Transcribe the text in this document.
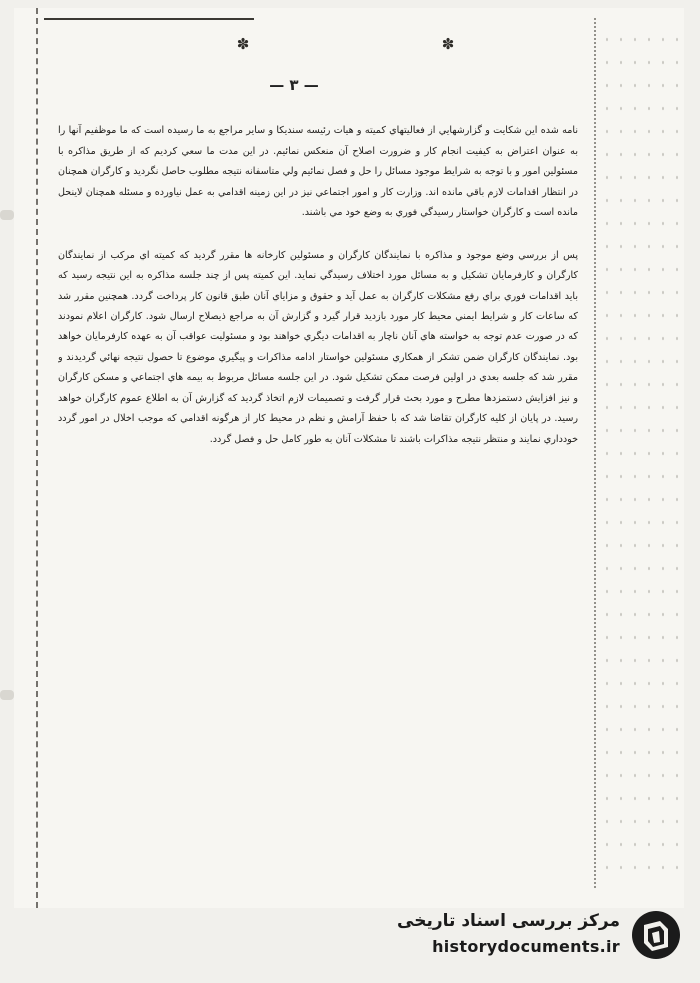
✽	✽
— ٣ —

نامه شده اين شکايت و گزارشهايي از فعاليتهاي کميته و هيات رئيسه سنديکا و ساير مراجع به ما رسيده است که ما موظفيم آنها را به عنوان اعتراض به کيفيت انجام کار و ضرورت اصلاح آن منعکس نمائيم. در اين مدت ما سعي کرديم که از طريق مذاکره با مسئولين امور و با توجه به شرايط موجود مسائل را حل و فصل نمائيم ولي متاسفانه نتيجه مطلوب حاصل نگرديد و کارگران همچنان در انتظار اقدامات لازم باقي مانده اند. وزارت کار و امور اجتماعي نيز در اين زمينه اقدامي به عمل نياورده و مسئله همچنان لاينحل مانده است و کارگران خواستار رسيدگي فوري به وضع خود مي باشند.

پس از بررسي وضع موجود و مذاکره با نمايندگان کارگران و مسئولين کارخانه ها مقرر گرديد که کميته اي مرکب از نمايندگان کارگران و کارفرمايان تشکيل و به مسائل مورد اختلاف رسيدگي نمايد. اين کميته پس از چند جلسه مذاکره به اين نتيجه رسيد که بايد اقدامات فوري براي رفع مشکلات کارگران به عمل آيد و حقوق و مزاياي آنان طبق قانون کار پرداخت گردد. همچنين مقرر شد که ساعات کار و شرايط ايمني محيط کار مورد بازديد قرار گيرد و گزارش آن به مراجع ذيصلاح ارسال شود. کارگران اعلام نمودند که در صورت عدم توجه به خواسته هاي آنان ناچار به اقدامات ديگري خواهند بود و مسئوليت عواقب آن به عهده کارفرمايان خواهد بود. نمايندگان کارگران ضمن تشکر از همکاري مسئولين خواستار ادامه مذاکرات و پيگيري موضوع تا حصول نتيجه نهائي گرديدند و مقرر شد که جلسه بعدي در اولين فرصت ممکن تشکيل شود. در اين جلسه مسائل مربوط به بيمه هاي اجتماعي و مسکن کارگران و نيز افزايش دستمزدها مطرح و مورد بحث قرار گرفت و تصميمات لازم اتخاذ گرديد که گزارش آن به اطلاع عموم کارگران خواهد رسيد. در پايان از کليه کارگران تقاضا شد که با حفظ آرامش و نظم در محيط کار از هرگونه اقدامي که موجب اخلال در امور گردد خودداري نمايند و منتظر نتيجه مذاکرات باشند تا مشکلات آنان به طور کامل حل و فصل گردد.

مرکز بررسی اسناد تاریخی
historydocuments.ir
